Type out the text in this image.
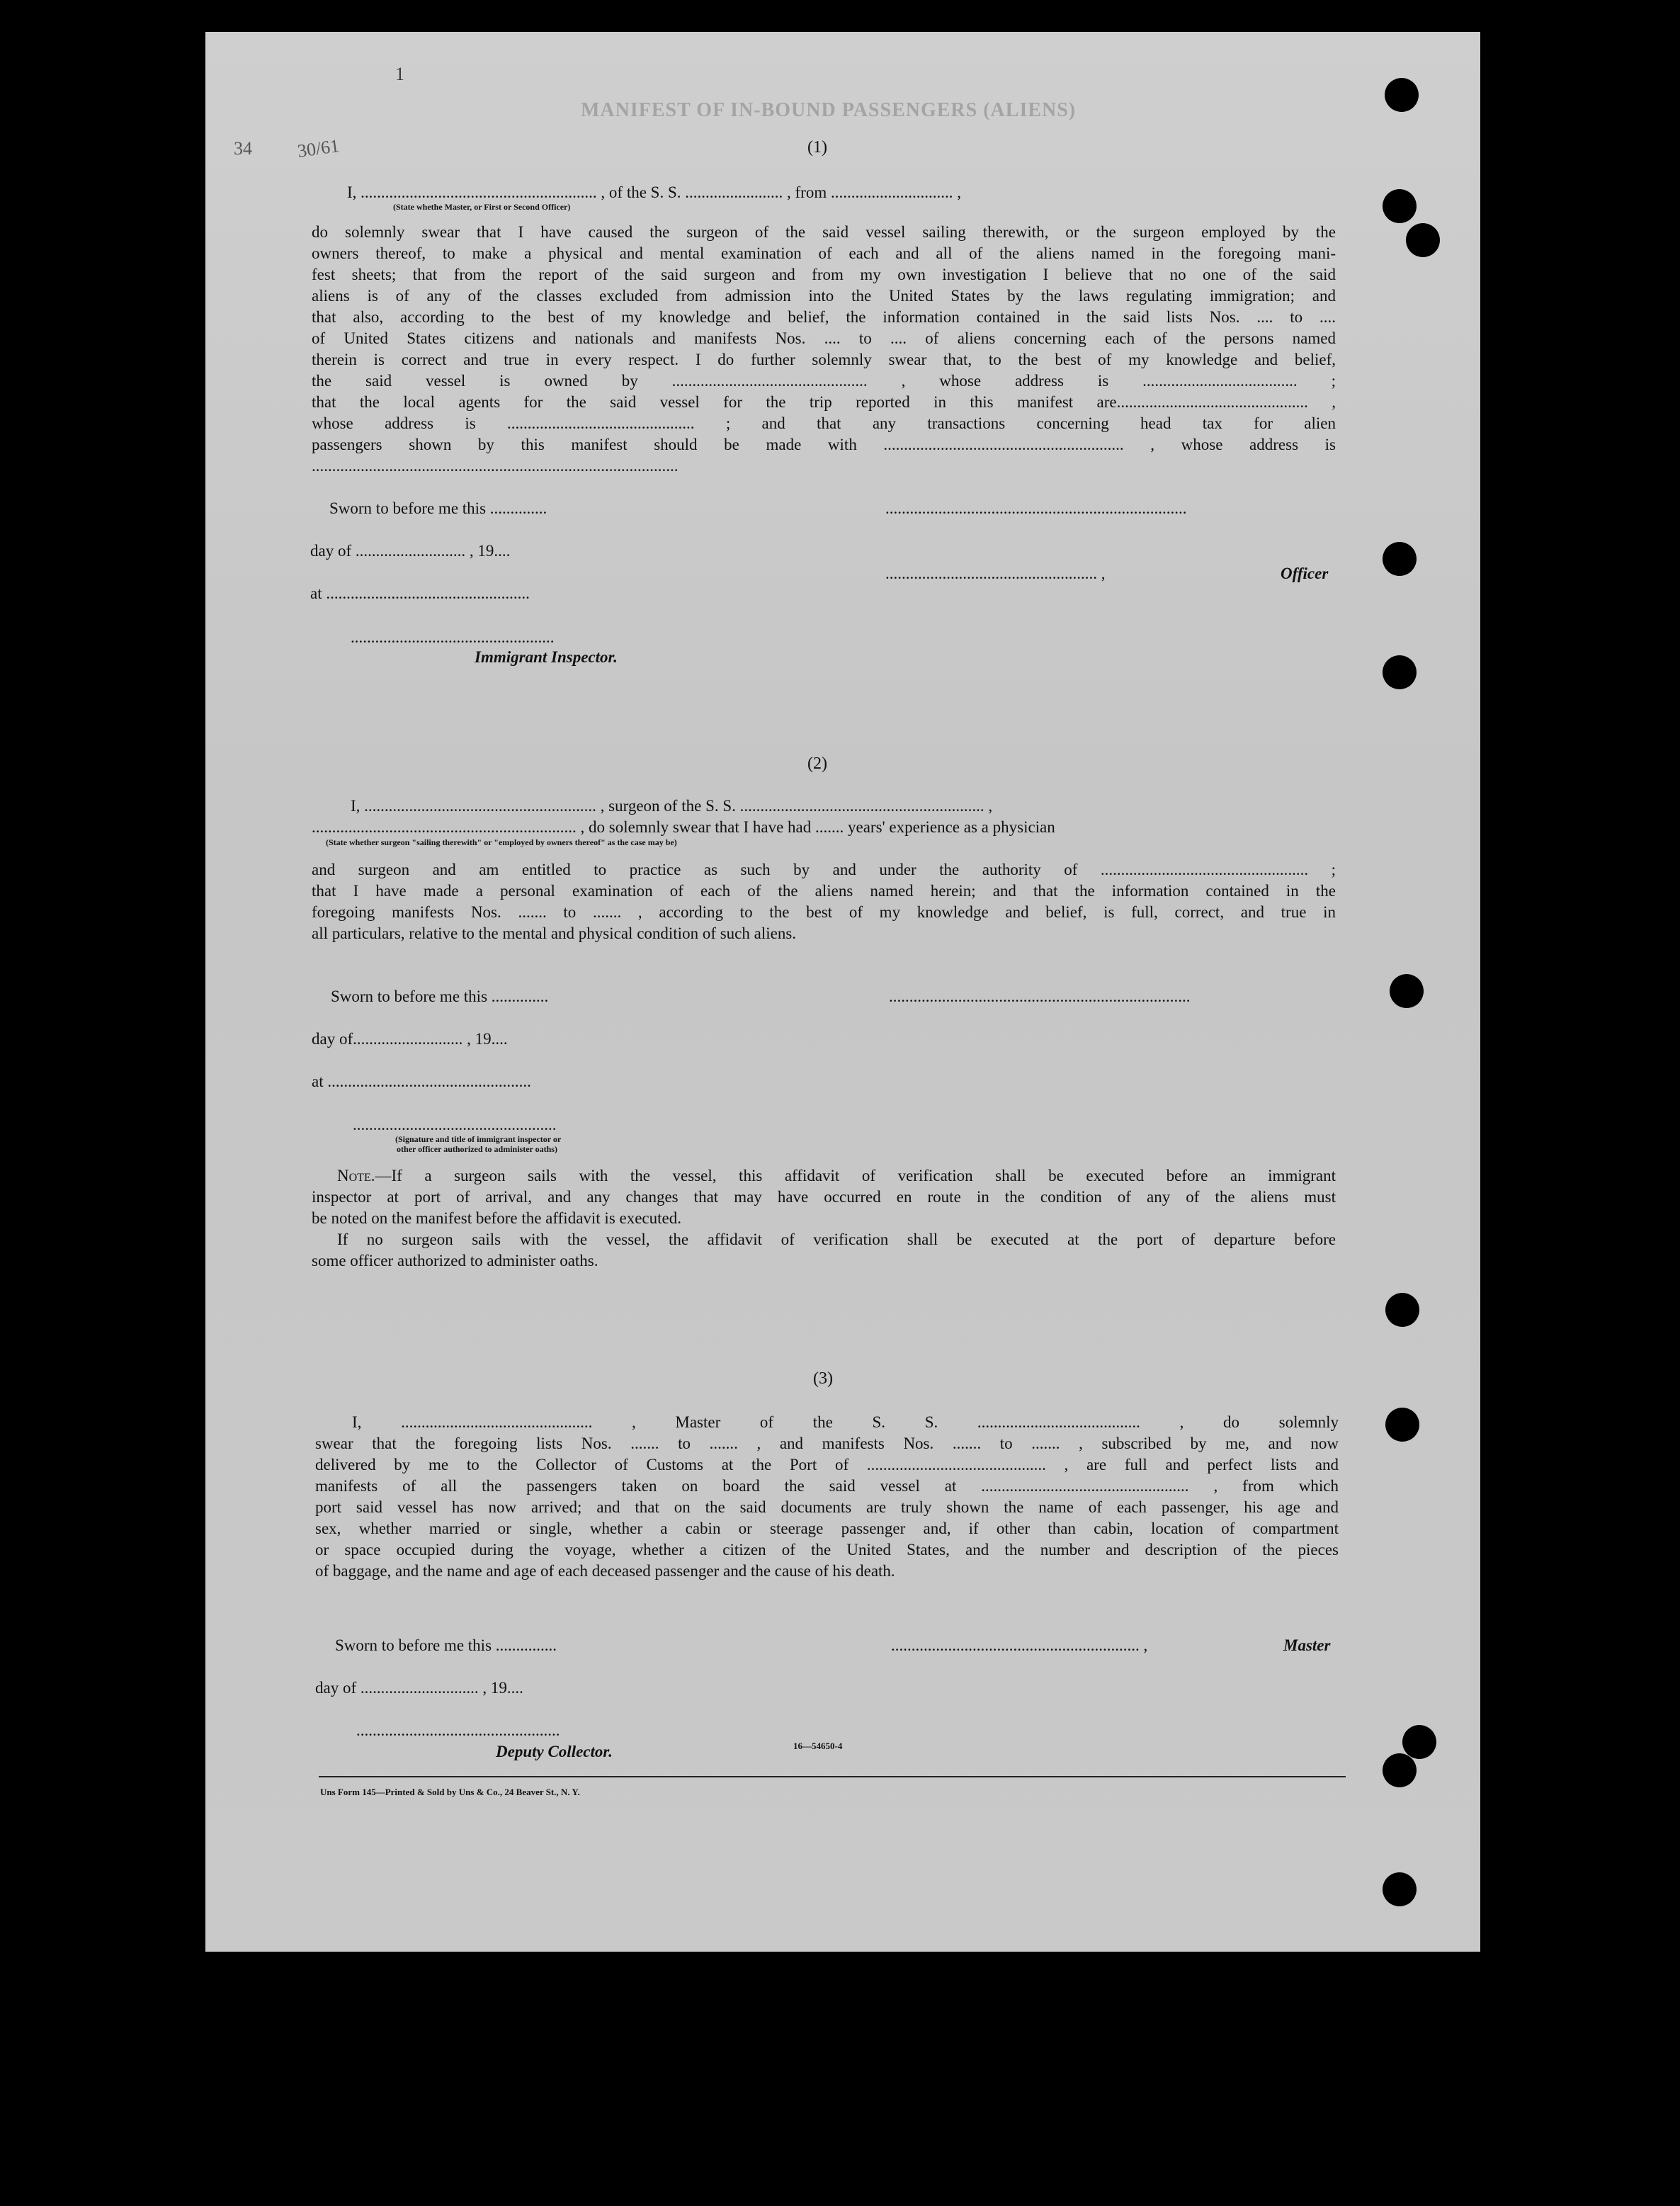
MANIFEST OF IN-BOUND PASSENGERS (ALIENS)
1
30/61
34	(1)
I, .......................................................... , of the S. S. ........................ , from .............................. ,
(State whethe Master, or First or Second Officer)
do solemnly swear that I have caused the surgeon of the said vessel sailing therewith, or the surgeon employed by the
owners thereof, to make a physical and mental examination of each and all of the aliens named in the foregoing mani-
fest sheets; that from the report of the said surgeon and from my own investigation I believe that no one of the said
aliens is of any of the classes excluded from admission into the United States by the laws regulating immigration; and
that also, according to the best of my knowledge and belief, the information contained in the said lists Nos. .... to ....
of United States citizens and nationals and manifests Nos. .... to .... of aliens concerning each of the persons named
therein is correct and true in every respect. I do further solemnly swear that, to the best of my knowledge and belief,
the said vessel is owned by ................................................ , whose address is ...................................... ;
that the local agents for the said vessel for the trip reported in this manifest are............................................... ,
whose address is .............................................. ; and that any transactions concerning head tax for alien
passengers shown by this manifest should be made with ........................................................... , whose address is
..........................................................................................
Sworn to before me this ..............
day of ........................... , 19....
at ..................................................
..................................................
Immigrant Inspector.
..........................................................................
.................................................... ,	Officer
(2)
I, ......................................................... , surgeon of the S. S. ............................................................ ,
................................................................. , do solemnly swear that I have had ....... years' experience as a physician
(State whether surgeon "sailing therewith" or "employed by owners thereof" as the case may be)
and surgeon and am entitled to practice as such by and under the authority of ................................................... ;
that I have made a personal examination of each of the aliens named herein; and that the information contained in the
foregoing manifests Nos. ....... to ....... , according to the best of my knowledge and belief, is full, correct, and true in
all particulars, relative to the mental and physical condition of such aliens.
Sworn to before me this ..............
day of........................... , 19....
at ..................................................
..................................................
(Signature and title of immigrant inspector or
other officer authorized to administer oaths)
..........................................................................
Note.—If a surgeon sails with the vessel, this affidavit of verification shall be executed before an immigrant
inspector at port of arrival, and any changes that may have occurred en route in the condition of any of the aliens must
be noted on the manifest before the affidavit is executed.
If no surgeon sails with the vessel, the affidavit of verification shall be executed at the port of departure before
some officer authorized to administer oaths.
(3)
I, ............................................... , Master of the S. S. ........................................ , do solemnly
swear that the foregoing lists Nos. ....... to ....... , and manifests Nos. ....... to ....... , subscribed by me, and now
delivered by me to the Collector of Customs at the Port of ............................................ , are full and perfect lists and
manifests of all the passengers taken on board the said vessel at ................................................... , from which
port said vessel has now arrived; and that on the said documents are truly shown the name of each passenger, his age and
sex, whether married or single, whether a cabin or steerage passenger and, if other than cabin, location of compartment
or space occupied during the voyage, whether a citizen of the United States, and the number and description of the pieces
of baggage, and the name and age of each deceased passenger and the cause of his death.
Sworn to before me this ...............
day of ............................. , 19....
..................................................
Deputy Collector.
............................................................. ,	Master
16—54650-4
Uns Form 145—Printed & Sold by Uns & Co., 24 Beaver St., N. Y.
